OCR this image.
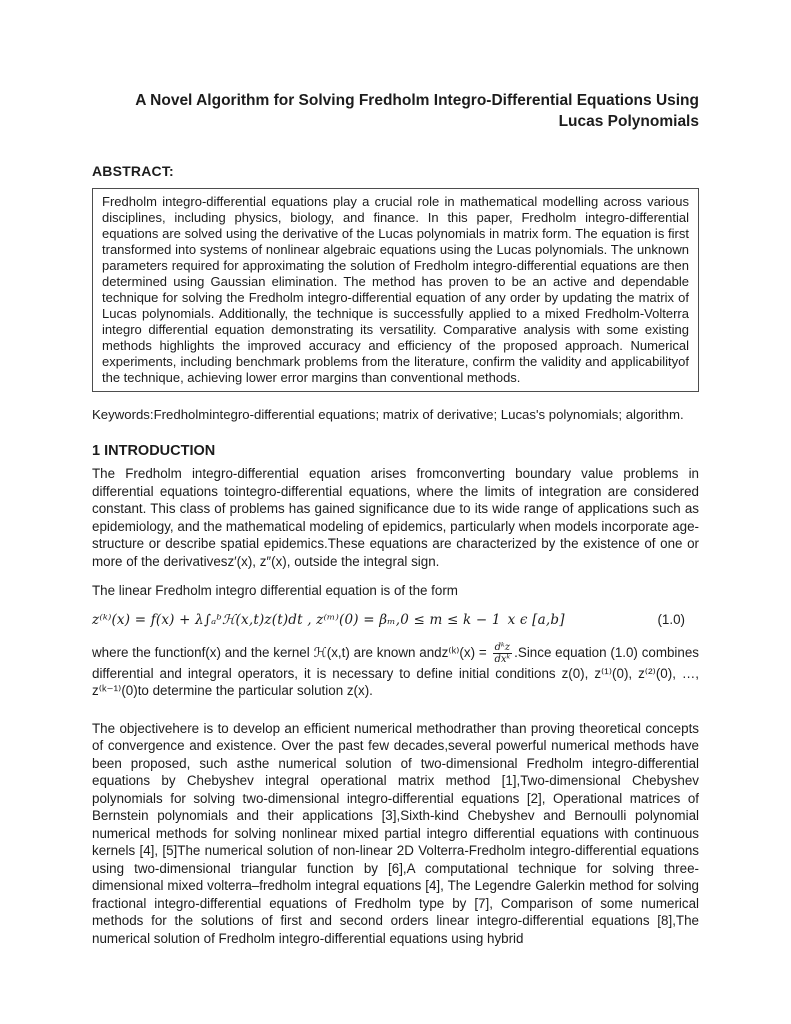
A Novel Algorithm for Solving Fredholm Integro-Differential Equations Using
Lucas Polynomials
ABSTRACT:

Fredholm integro-differential equations play a crucial role in mathematical modelling across various disciplines, including physics, biology, and finance. In this paper, Fredholm integro-differential equations are solved using the derivative of the Lucas polynomials in matrix form. The equation is first transformed into systems of nonlinear algebraic equations using the Lucas polynomials. The unknown parameters required for approximating the solution of Fredholm integro-differential equations are then determined using Gaussian elimination. The method has proven to be an active and dependable technique for solving the Fredholm integro-differential equation of any order by updating the matrix of Lucas polynomials. Additionally, the technique is successfully applied to a mixed Fredholm-Volterra integro differential equation demonstrating its versatility. Comparative analysis with some existing methods highlights the improved accuracy and efficiency of the proposed approach. Numerical experiments, including benchmark problems from the literature, confirm the validity and applicabilityof the technique, achieving lower error margins than conventional methods.

Keywords:Fredholmintegro-differential equations; matrix of derivative; Lucas's polynomials; algorithm.
1 INTRODUCTION

The Fredholm integro-differential equation arises fromconverting boundary value problems in differential equations tointegro-differential equations, where the limits of integration are considered constant. This class of problems has gained significance due to its wide range of applications such as epidemiology, and the mathematical modeling of epidemics, particularly when models incorporate age-structure or describe spatial epidemics.These equations are characterized by the existence of one or more of the derivativesz′(x), z″(x), outside the integral sign.

The linear Fredholm integro differential equation is of the form

z⁽ᵏ⁾(x) = f(x) + λ∫ₐᵇℋ(x,t)z(t)dt , z⁽ᵐ⁾(0) = βₘ,0 ≤ m ≤ k − 1 x ϵ [a,b]	(1.0)

where the functionf(x) and the kernel ℋ(x,t) are known andz⁽ᵏ⁾(x) = $\frac{\text{dᵏz}}{\text{dxᵏ}}$ .Since equation (1.0) combines differential and integral operators, it is necessary to define initial conditions z(0), z⁽¹⁾(0), z⁽²⁾(0), …, z⁽ᵏ⁻¹⁾(0)to determine the particular solution z(x).

The objectivehere is to develop an efficient numerical methodrather than proving theoretical concepts of convergence and existence. Over the past few decades,several powerful numerical methods have been proposed, such asthe numerical solution of two-dimensional Fredholm integro-differential equations by Chebyshev integral operational matrix method [1],Two-dimensional Chebyshev polynomials for solving two-dimensional integro-differential equations [2], Operational matrices of Bernstein polynomials and their applications [3],Sixth-kind Chebyshev and Bernoulli polynomial numerical methods for solving nonlinear mixed partial integro differential equations with continuous kernels [4], [5]The numerical solution of non-linear 2D Volterra-Fredholm integro-differential equations using two-dimensional triangular function by [6],A computational technique for solving three-dimensional mixed volterra–fredholm integral equations [4], The Legendre Galerkin method for solving fractional integro-differential equations of Fredholm type by [7], Comparison of some numerical methods for the solutions of first and second orders linear integro-differential equations [8],The numerical solution of Fredholm integro-differential equations using hybrid
